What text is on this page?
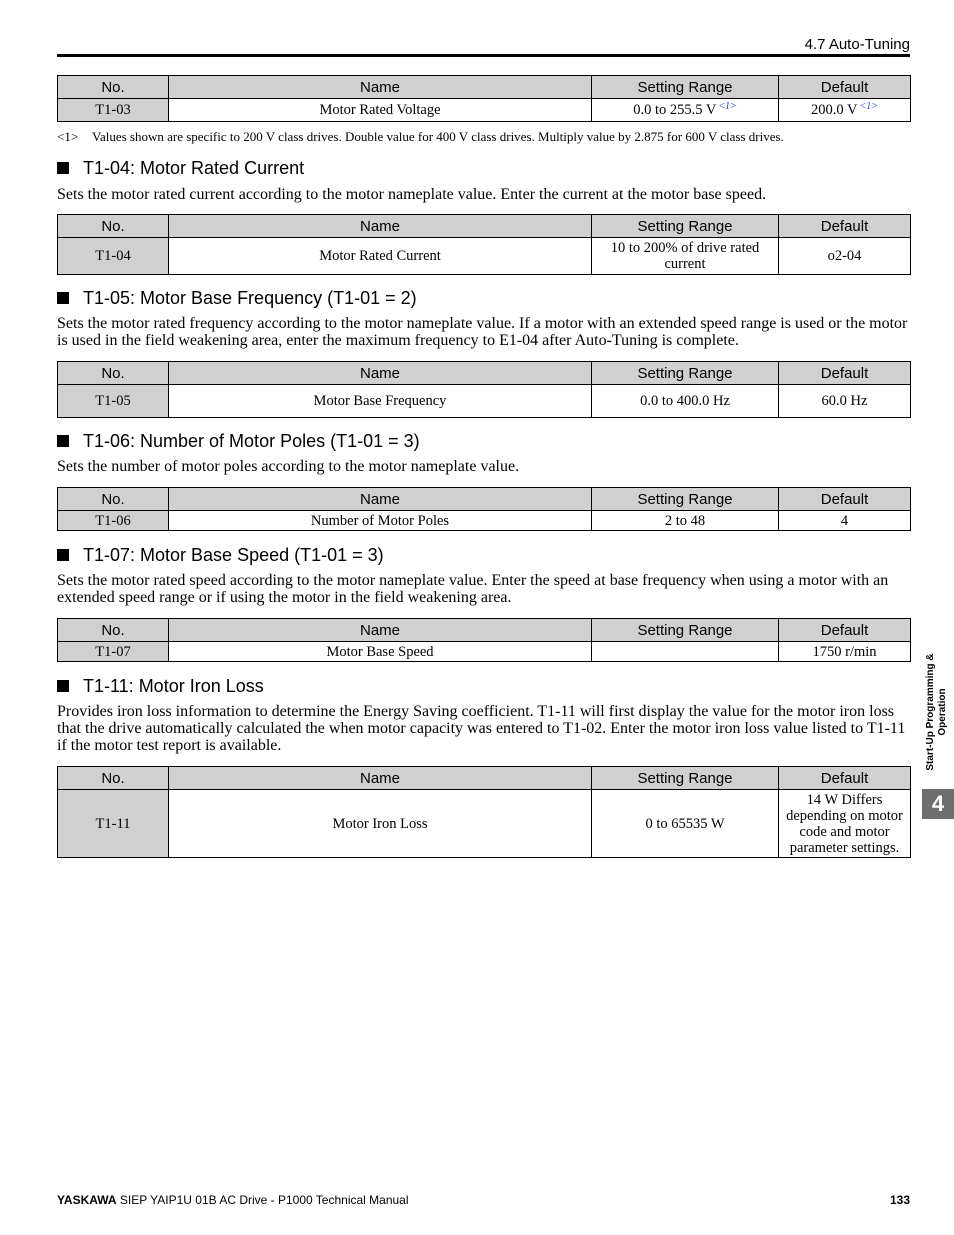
4.7 Auto-Tuning
No.	Name	Setting Range	Default
T1-03	Motor Rated Voltage	0.0 to 255.5 V $^{<1>}$	200.0 V $^{<1>}$
<1> Values shown are specific to 200 V class drives. Double value for 400 V class drives. Multiply value by 2.875 for 600 V class drives.
T1-04: Motor Rated Current

Sets the motor rated current according to the motor nameplate value. Enter the current at the motor base speed.

No.	Name	Setting Range	Default
T1-04	Motor Rated Current	10 to 200% of drive rated current	o2-04
T1-05: Motor Base Frequency (T1-01 = 2)

Sets the motor rated frequency according to the motor nameplate value. If a motor with an extended speed range is used or the motor is used in the field weakening area, enter the maximum frequency to E1-04 after Auto-Tuning is complete.

No.	Name	Setting Range	Default
T1-05	Motor Base Frequency	0.0 to 400.0 Hz	60.0 Hz
T1-06: Number of Motor Poles (T1-01 = 3)

Sets the number of motor poles according to the motor nameplate value.

No.	Name	Setting Range	Default
T1-06	Number of Motor Poles	2 to 48	4
T1-07: Motor Base Speed (T1-01 = 3)

Sets the motor rated speed according to the motor nameplate value. Enter the speed at base frequency when using a motor with an extended speed range or if using the motor in the field weakening area.

No.	Name	Setting Range	Default
T1-07	Motor Base Speed		1750 r/min
T1-11: Motor Iron Loss

Provides iron loss information to determine the Energy Saving coefficient. T1-11 will first display the value for the motor iron loss that the drive automatically calculated the when motor capacity was entered to T1-02. Enter the motor iron loss value listed to T1-11 if the motor test report is available.

No.	Name	Setting Range	Default
T1-11	Motor Iron Loss	0 to 65535 W	14 W Differs depending on motor code and motor parameter settings.
Start-Up Programming & Operation
4
YASKAWA SIEP YAIP1U 01B AC Drive - P1000 Technical Manual	133
